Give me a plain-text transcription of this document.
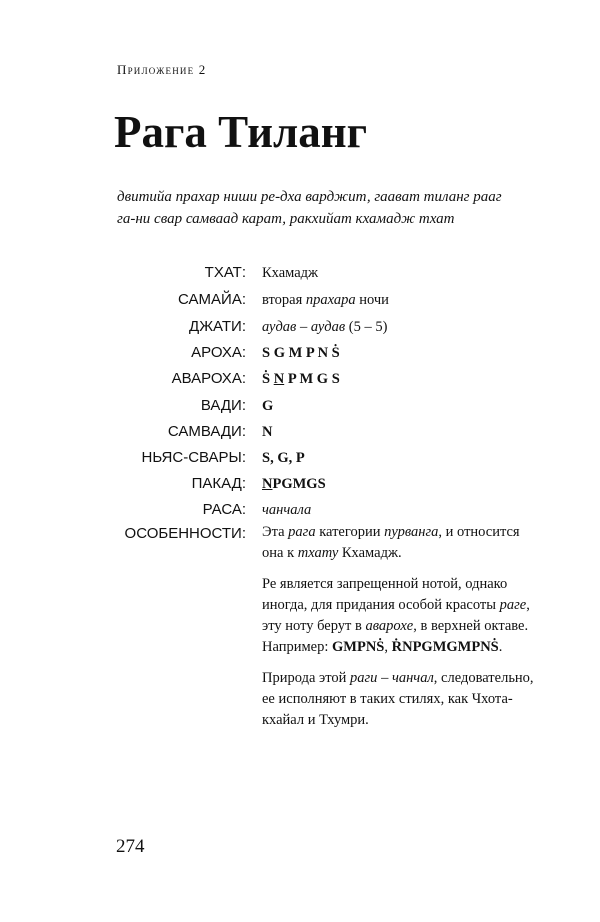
Приложение 2
Рага Тиланг
двитийа прахар ниши ре-дха варджит, гаават тиланг рааг
га-ни свар самваад карат, ракхийат кхамадж тхат
ТХАТ: Кхамадж
САМАЙА: вторая прахара ночи
ДЖАТИ: аудав – аудав (5 – 5)
АРОХА: S G M P N Ṡ
АВАРОХА: Ṡ N P M G S
ВАДИ: G
САМВАДИ: N
НЬЯС-СВАРЫ: S, G, P
ПАКАД: NPGMGS
РАСА: чанчала
ОСОБЕННОСТИ: Эта рага категории пурванга, и относится
она к тхату Кхамадж.

Ре является запрещенной нотой, однако
иногда, для придания особой красоты раге,
эту ноту берут в аварохе, в верхней октаве.
Например: GMPNṠ, ṘNPGMGMPNṠ.

Природа этой раги – чанчал, следовательно,
ее исполняют в таких стилях, как Чхота-
кхайал и Тхумри.

274
